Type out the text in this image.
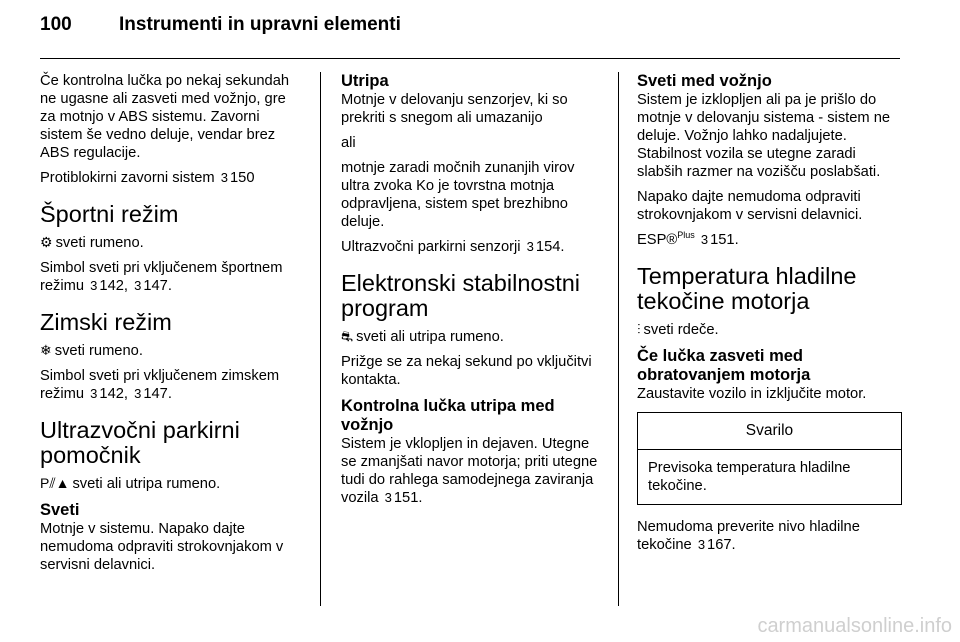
100 Instrumenti in upravni elementi

Če kontrolna lučka po nekaj sekundah ne ugasne ali zasveti med vožnjo, gre za motnjo v ABS sistemu. Zavorni sistem še vedno deluje, vendar brez ABS regulacije.

Protiblokirni zavorni sistem 3 150

Športni režim

⚙ sveti rumeno.

Simbol sveti pri vključenem športnem režimu 3 142, 3 147.

Zimski režim

❄ sveti rumeno.

Simbol sveti pri vključenem zimskem režimu 3 142, 3 147.

Ultrazvočni parkirni pomočnik

P⫽▲ sveti ali utripa rumeno.

Sveti

Motnje v sistemu. Napako dajte nemudoma odpraviti strokovnjakom v servisni delavnici.

Utripa

Motnje v delovanju senzorjev, ki so prekriti s snegom ali umazanijo

ali

motnje zaradi močnih zunanjih virov ultra zvoka Ko je tovrstna motnja odpravljena, sistem spet brezhibno deluje.

Ultrazvočni parkirni senzorji 3 154.

Elektronski stabilnostni program

⛐ sveti ali utripa rumeno.

Prižge se za nekaj sekund po vključitvi kontakta.

Kontrolna lučka utripa med vožnjo

Sistem je vklopljen in dejaven. Utegne se zmanjšati navor motorja; priti utegne tudi do rahlega samodejnega zaviranja vozila 3 151.

Sveti med vožnjo

Sistem je izklopljen ali pa je prišlo do motnje v delovanju sistema - sistem ne deluje. Vožnjo lahko nadaljujete. Stabilnost vozila se utegne zaradi slabših razmer na vozišču poslabšati.

Napako dajte nemudoma odpraviti strokovnjakom v servisni delavnici.

ESP®$^{Plus}$ 3 151.

Temperatura hladilne tekočine motorja

⫶ sveti rdeče.

Če lučka zasveti med obratovanjem motorja

Zaustavite vozilo in izključite motor.

Svarilo
Previsoka temperatura hladilne tekočine.

Nemudoma preverite nivo hladilne tekočine 3 167.

carmanualsonline.info
